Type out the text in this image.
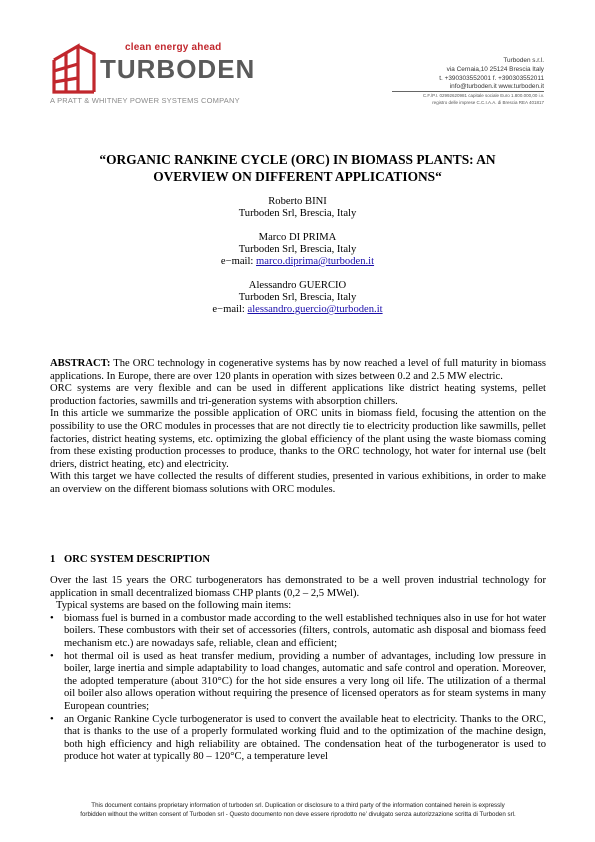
clean energy ahead
TURBODEN
A PRATT & WHITNEY POWER SYSTEMS COMPANY
Turboden s.r.l.
via Cernaia,10 25124 Brescia Italy
t. +390303552001 f. +390303552011
info@turboden.it www.turboden.it
C.F./P.I. 02992620981 capitale sociale Euro 1.800.000,00 i.v.
registro delle imprese C.C.I.A.A. di Brescia REA 401817
“ORGANIC RANKINE CYCLE (ORC) IN BIOMASS PLANTS: AN
OVERVIEW ON DIFFERENT APPLICATIONS“
Roberto BINI
Turboden Srl, Brescia, Italy
Marco DI PRIMA
Turboden Srl, Brescia, Italy
e−mail: marco.diprima@turboden.it
Alessandro GUERCIO
Turboden Srl, Brescia, Italy
e−mail: alessandro.guercio@turboden.it

ABSTRACT: The ORC technology in cogenerative systems has by now reached a level of full maturity in biomass applications. In Europe, there are over 120 plants in operation with sizes between 0.2 and 2.5 MW electric.

ORC systems are very flexible and can be used in different applications like district heating systems, pellet production factories, sawmills and tri-generation systems with absorption chillers.

In this article we summarize the possible application of ORC units in biomass field, focusing the attention on the possibility to use the ORC modules in processes that are not directly tie to electricity production like sawmills, pellet factories, district heating systems, etc. optimizing the global efficiency of the plant using the waste biomass coming from these existing production processes to produce, thanks to the ORC technology, hot water for internal use (belt driers, district heating, etc) and electricity.

With this target we have collected the results of different studies, presented in various exhibitions, in order to make an overview on the different biomass solutions with ORC modules.

1 ORC SYSTEM DESCRIPTION

Over the last 15 years the ORC turbogenerators has demonstrated to be a well proven industrial technology for application in small decentralized biomass CHP plants (0,2 – 2,5 MWel).

Typical systems are based on the following main items:

• biomass fuel is burned in a combustor made according to the well established techniques also in use for hot water boilers. These combustors with their set of accessories (filters, controls, automatic ash disposal and biomass feed mechanism etc.) are nowadays safe, reliable, clean and efficient;
• hot thermal oil is used as heat transfer medium, providing a number of advantages, including low pressure in boiler, large inertia and simple adaptability to load changes, automatic and safe control and operation. Moreover, the adopted temperature (about 310°C) for the hot side ensures a very long oil life. The utilization of a thermal oil boiler also allows operation without requiring the presence of licensed operators as for steam systems in many European countries;
• an Organic Rankine Cycle turbogenerator is used to convert the available heat to electricity. Thanks to the ORC, that is thanks to the use of a properly formulated working fluid and to the optimization of the machine design, both high efficiency and high reliability are obtained. The condensation heat of the turbogenerator is used to produce hot water at typically 80 – 120°C, a temperature level
This document contains proprietary information of turboden srl. Duplication or disclosure to a third party of the information contained herein is expressly
forbidden without the written consent of Turboden srl - Questo documento non deve essere riprodotto ne’ divulgato senza autorizzazione scritta di Turboden srl.
